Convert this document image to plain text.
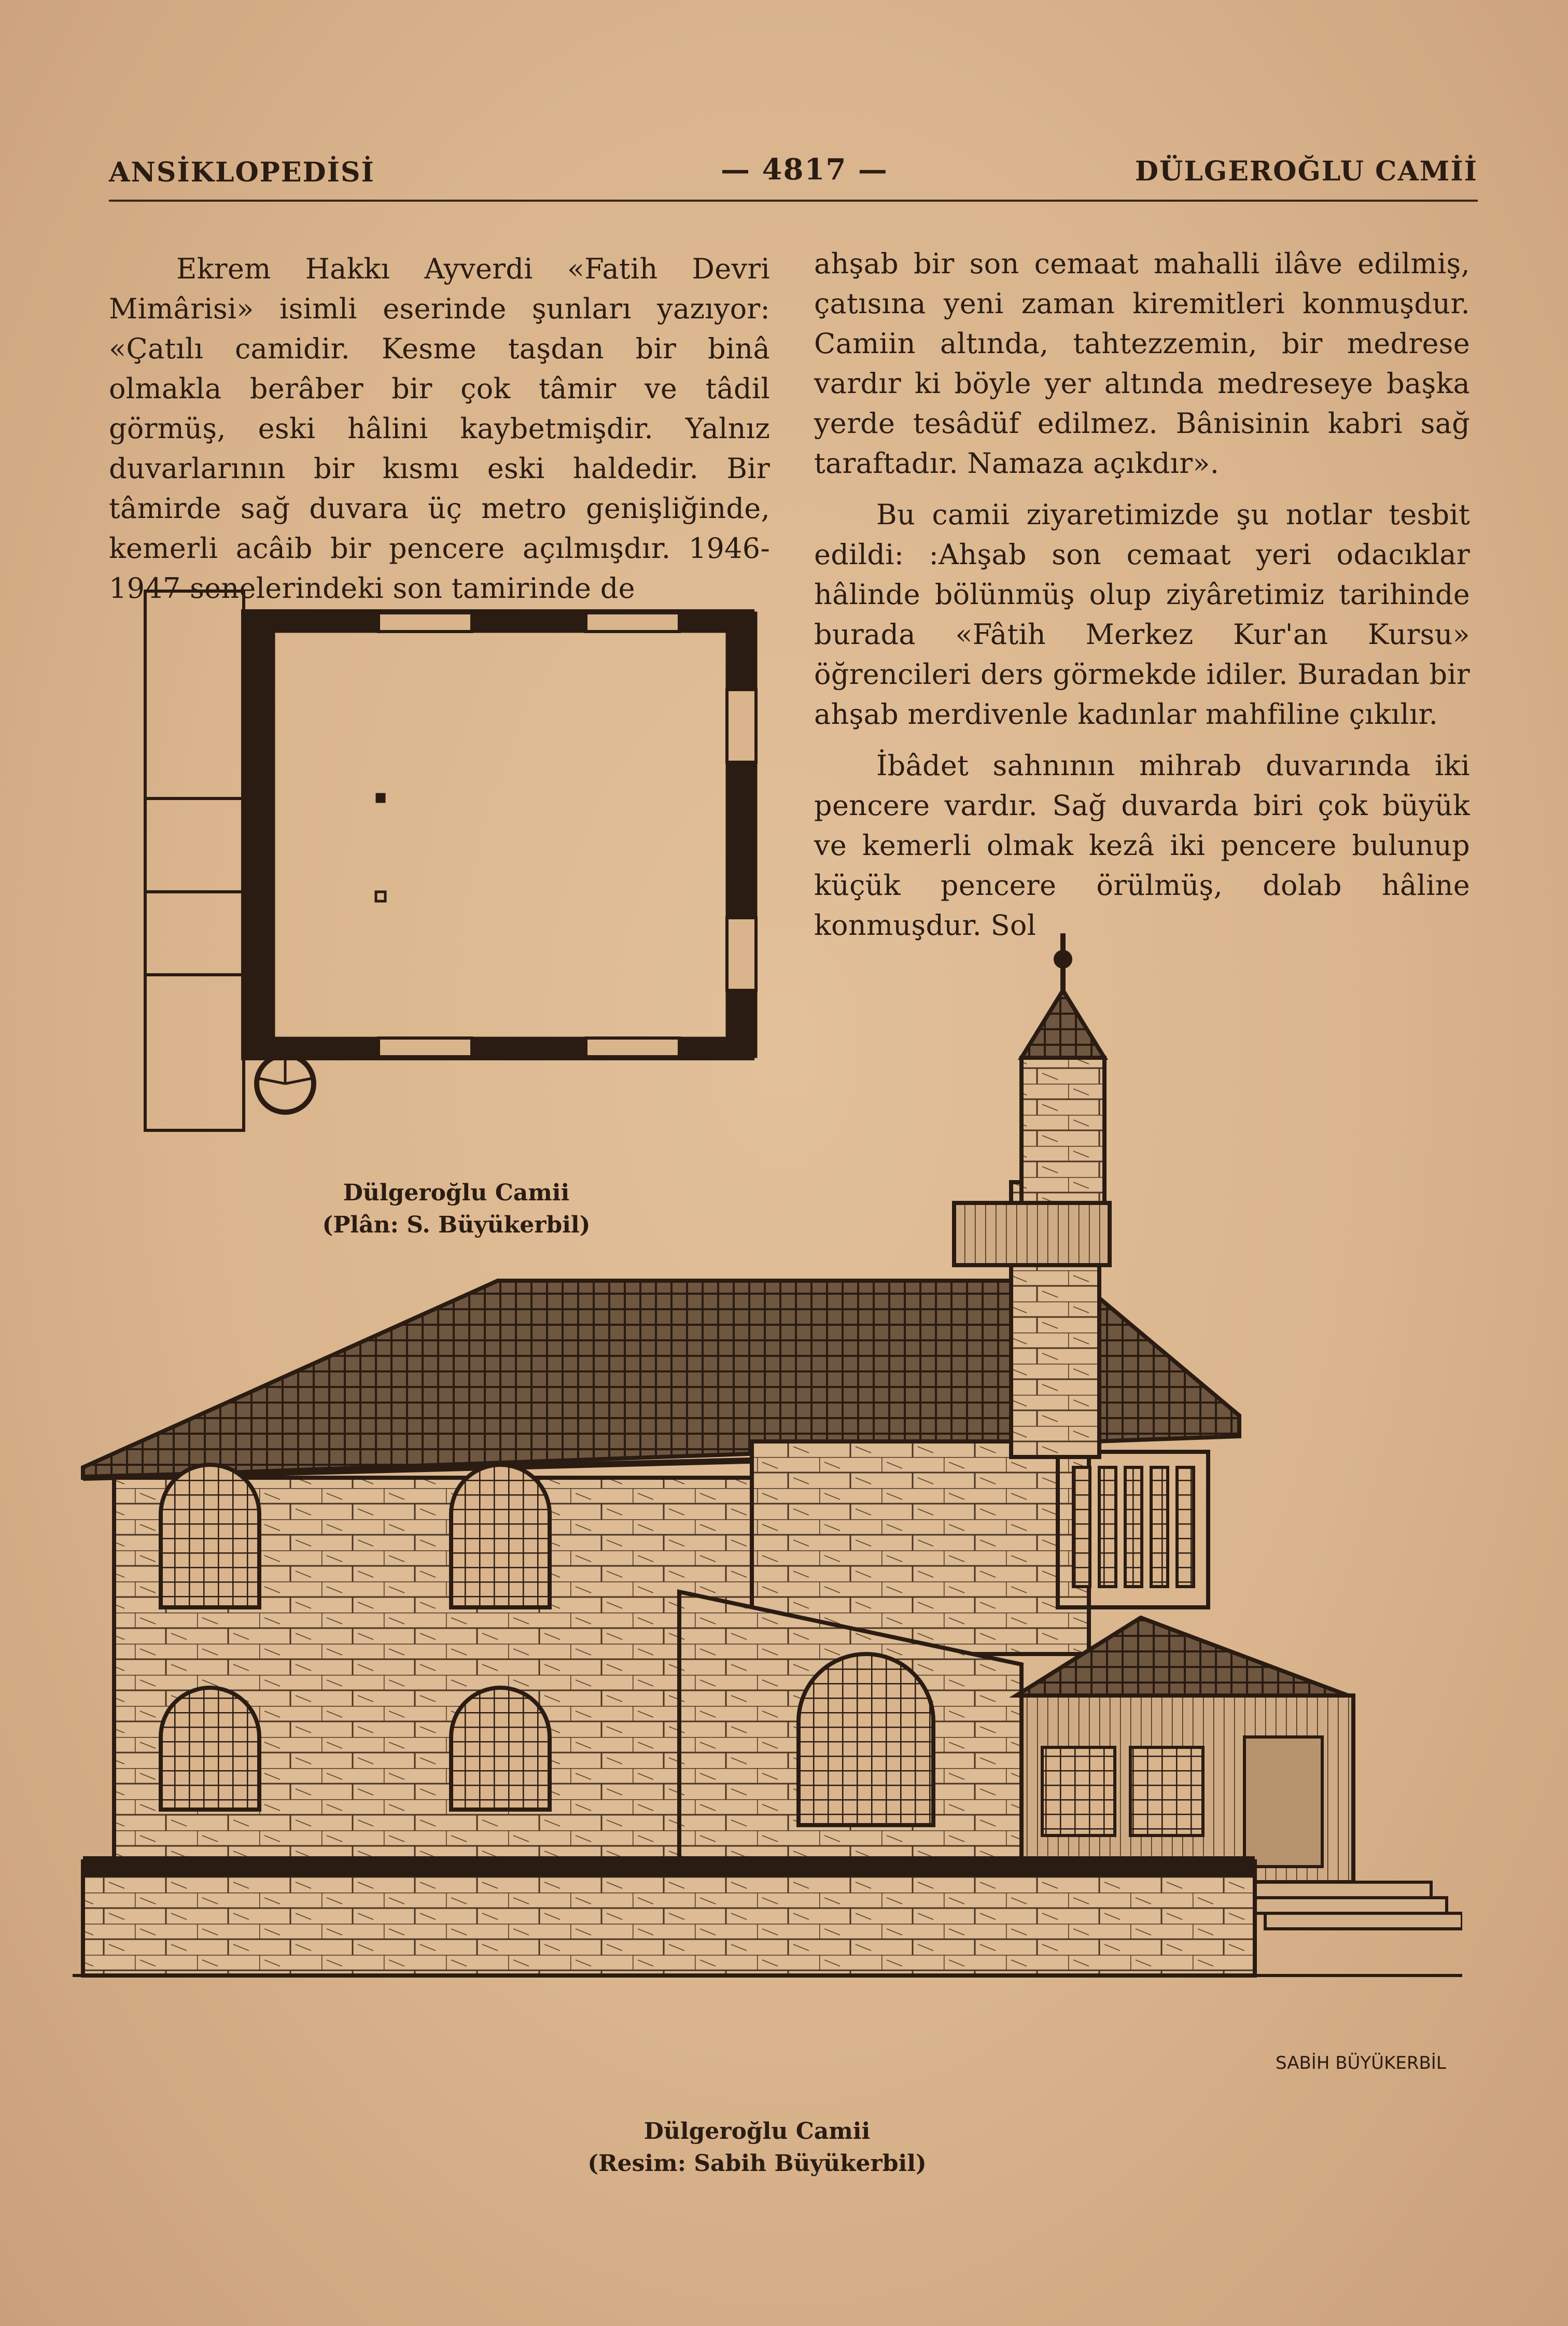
ANSİKLOPEDİSİ	— 4817 —	DÜLGEROĞLU CAMİİ
Ekrem Hakkı Ayverdi «Fatih Devri Mimârisi» isimli eserinde şunları yazıyor: «Çatılı camidir. Kesme taşdan bir binâ olmakla berâber bir çok tâmir ve tâdil görmüş, eski hâlini kaybetmişdir. Yalnız duvarlarının bir kısmı eski haldedir. Bir tâmirde sağ duvara üç metro genişliğinde, kemerli acâib bir pencere açılmışdır. 1946-1947 senelerindeki son tamirinde de

ahşab bir son cemaat mahalli ilâve edilmiş, çatısına yeni zaman kiremitleri konmuşdur. Camiin altında, tahtezzemin, bir medrese vardır ki böyle yer altında medreseye başka yerde tesâdüf edilmez. Bânisinin kabri sağ taraftadır. Namaza açıkdır».

Bu camii ziyaretimizde şu notlar tesbit edildi: :Ahşab son cemaat yeri odacıklar hâlinde bölünmüş olup ziyâretimiz tarihinde burada «Fâtih Merkez Kur'an Kursu» öğrencileri ders görmekde idiler. Buradan bir ahşab merdivenle kadınlar mahfiline çıkılır.

İbâdet sahnının mihrab duvarında iki pencere vardır. Sağ duvarda biri çok büyük ve kemerli olmak kezâ iki pencere bulunup küçük pencere örülmüş, dolab hâline konmuşdur. Sol

Dülgeroğlu Camii
(Plân: S. Büyükerbil)
SABİH BÜYÜKERBİL
Dülgeroğlu Camii
(Resim: Sabih Büyükerbil)
